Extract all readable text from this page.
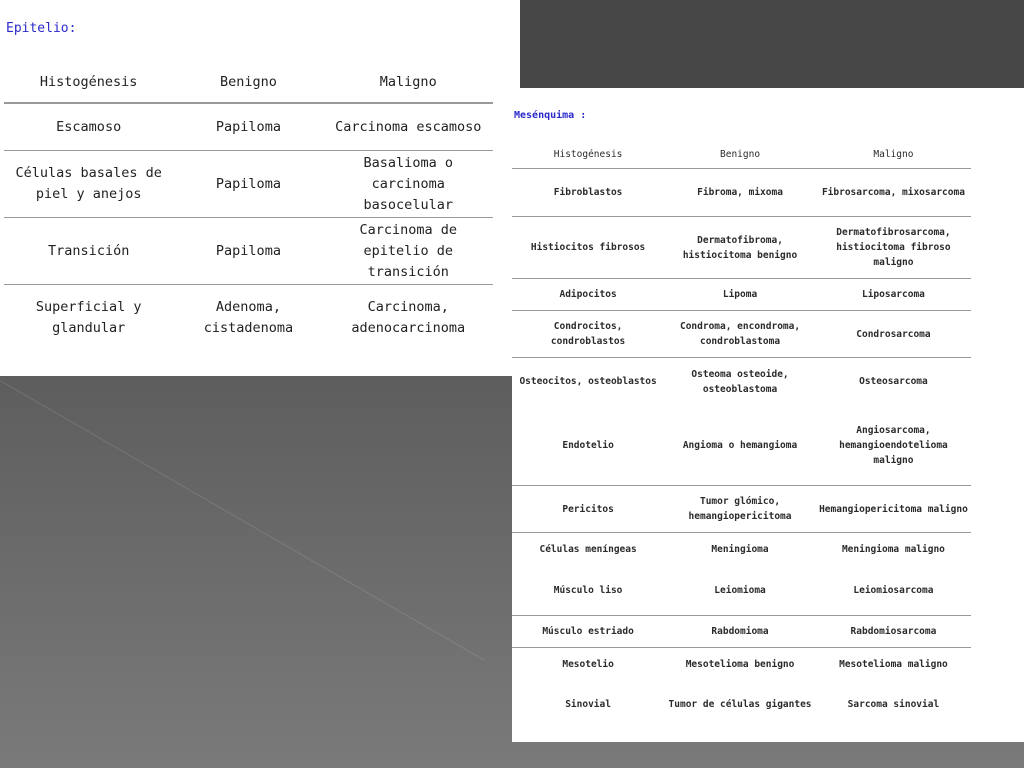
Epitelio:
Histogénesis	Benigno	Maligno
Escamoso	Papiloma	Carcinoma escamoso
Células basales de piel y anejos	Papiloma	Basalioma o carcinoma basocelular
Transición	Papiloma	Carcinoma de epitelio de transición
Superficial y glandular	Adenoma, cistadenoma	Carcinoma, adenocarcinoma
Mesénquima :
Histogénesis	Benigno	Maligno
Fibroblastos	Fibroma, mixoma	Fibrosarcoma, mixosarcoma
Histiocitos fibrosos	Dermatofibroma, histiocitoma benigno	Dermatofibrosarcoma, histiocitoma fibroso maligno
Adipocitos	Lipoma	Liposarcoma
Condrocitos, condroblastos	Condroma, encondroma, condroblastoma	Condrosarcoma
Osteocitos, osteoblastos	Osteoma osteoide, osteoblastoma	Osteosarcoma
Endotelio	Angioma o hemangioma	Angiosarcoma, hemangioendotelioma maligno
Pericitos	Tumor glómico, hemangiopericitoma	Hemangiopericitoma maligno
Células meníngeas	Meningioma	Meningioma maligno
Músculo liso	Leiomioma	Leiomiosarcoma
Músculo estriado	Rabdomioma	Rabdomiosarcoma
Mesotelio	Mesotelioma benigno	Mesotelioma maligno
Sinovial	Tumor de células gigantes	Sarcoma sinovial
